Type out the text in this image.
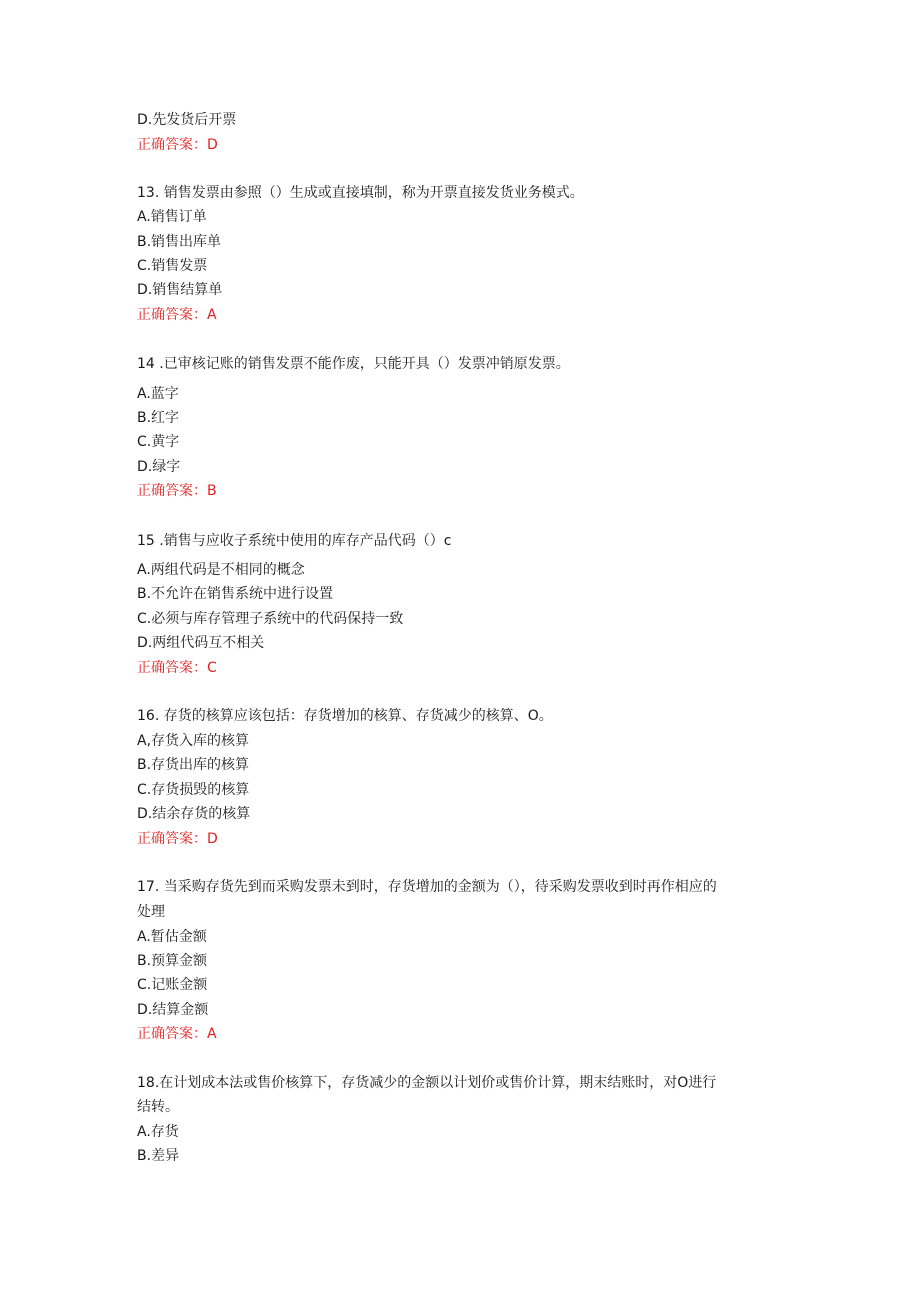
D.先发货后开票
正确答案：D
13. 销售发票由参照（）生成或直接填制，称为开票直接发货业务模式。
A.销售订单
B.销售出库单
C.销售发票
D.销售结算单
正确答案：A
14 .已审核记账的销售发票不能作废，只能开具（）发票冲销原发票。
A.蓝字
B.红字
C.黄字
D.绿字
正确答案：B
15 .销售与应收子系统中使用的库存产品代码（）c
A.两组代码是不相同的概念
B.不允许在销售系统中进行设置
C.必须与库存管理子系统中的代码保持一致
D.两组代码互不相关
正确答案：C
16. 存货的核算应该包括：存货增加的核算、存货减少的核算、O。
A,存货入库的核算
B.存货出库的核算
C.存货损毁的核算
D.结余存货的核算
正确答案：D
17. 当采购存货先到而采购发票未到时，存货增加的金额为（），待采购发票收到时再作相应的
处理
A.暂估金额
B.预算金额
C.记账金额
D.结算金额
正确答案：A
18.在计划成本法或售价核算下，存货减少的金额以计划价或售价计算，期末结账时，对O进行
结转。
A.存货
B.差异
